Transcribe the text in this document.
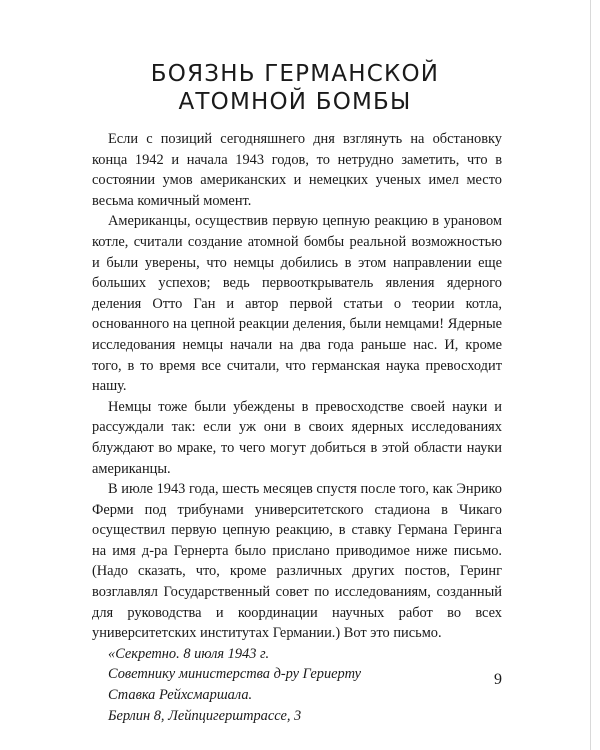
БОЯЗНЬ ГЕРМАНСКОЙ
АТОМНОЙ БОМБЫ

Если с позиций сегодняшнего дня взглянуть на обстановку конца 1942 и начала 1943 годов, то нетрудно заметить, что в состоянии умов американских и немецких ученых имел место весьма комичный момент.

Американцы, осуществив первую цепную реакцию в урановом котле, считали создание атомной бомбы реальной возможностью и были уверены, что немцы добились в этом направлении еще больших успехов; ведь первооткрыватель явления ядерного деления Отто Ган и автор первой статьи о теории котла, основанного на цепной реакции деления, были немцами! Ядерные исследования немцы начали на два года раньше нас. И, кроме того, в то время все считали, что германская наука превосходит нашу.

Немцы тоже были убеждены в превосходстве своей науки и рассуждали так: если уж они в своих ядерных исследованиях блуждают во мраке, то чего могут добиться в этой области науки американцы.

В июле 1943 года, шесть месяцев спустя после того, как Энрико Ферми под трибунами университетского стадиона в Чикаго осуществил первую цепную реакцию, в ставку Германа Геринга на имя д-ра Гернерта было прислано приводимое ниже письмо. (Надо сказать, что, кроме различных других постов, Геринг возглавлял Государственный совет по исследованиям, созданный для руководства и координации научных работ во всех университетских институтах Германии.) Вот это письмо.

«Секретно. 8 июля 1943 г.
Советнику министерства д-ру Гериерту
Ставка Рейхсмаршала.
Берлин 8, Лейпцигерштрассе, 3
9
